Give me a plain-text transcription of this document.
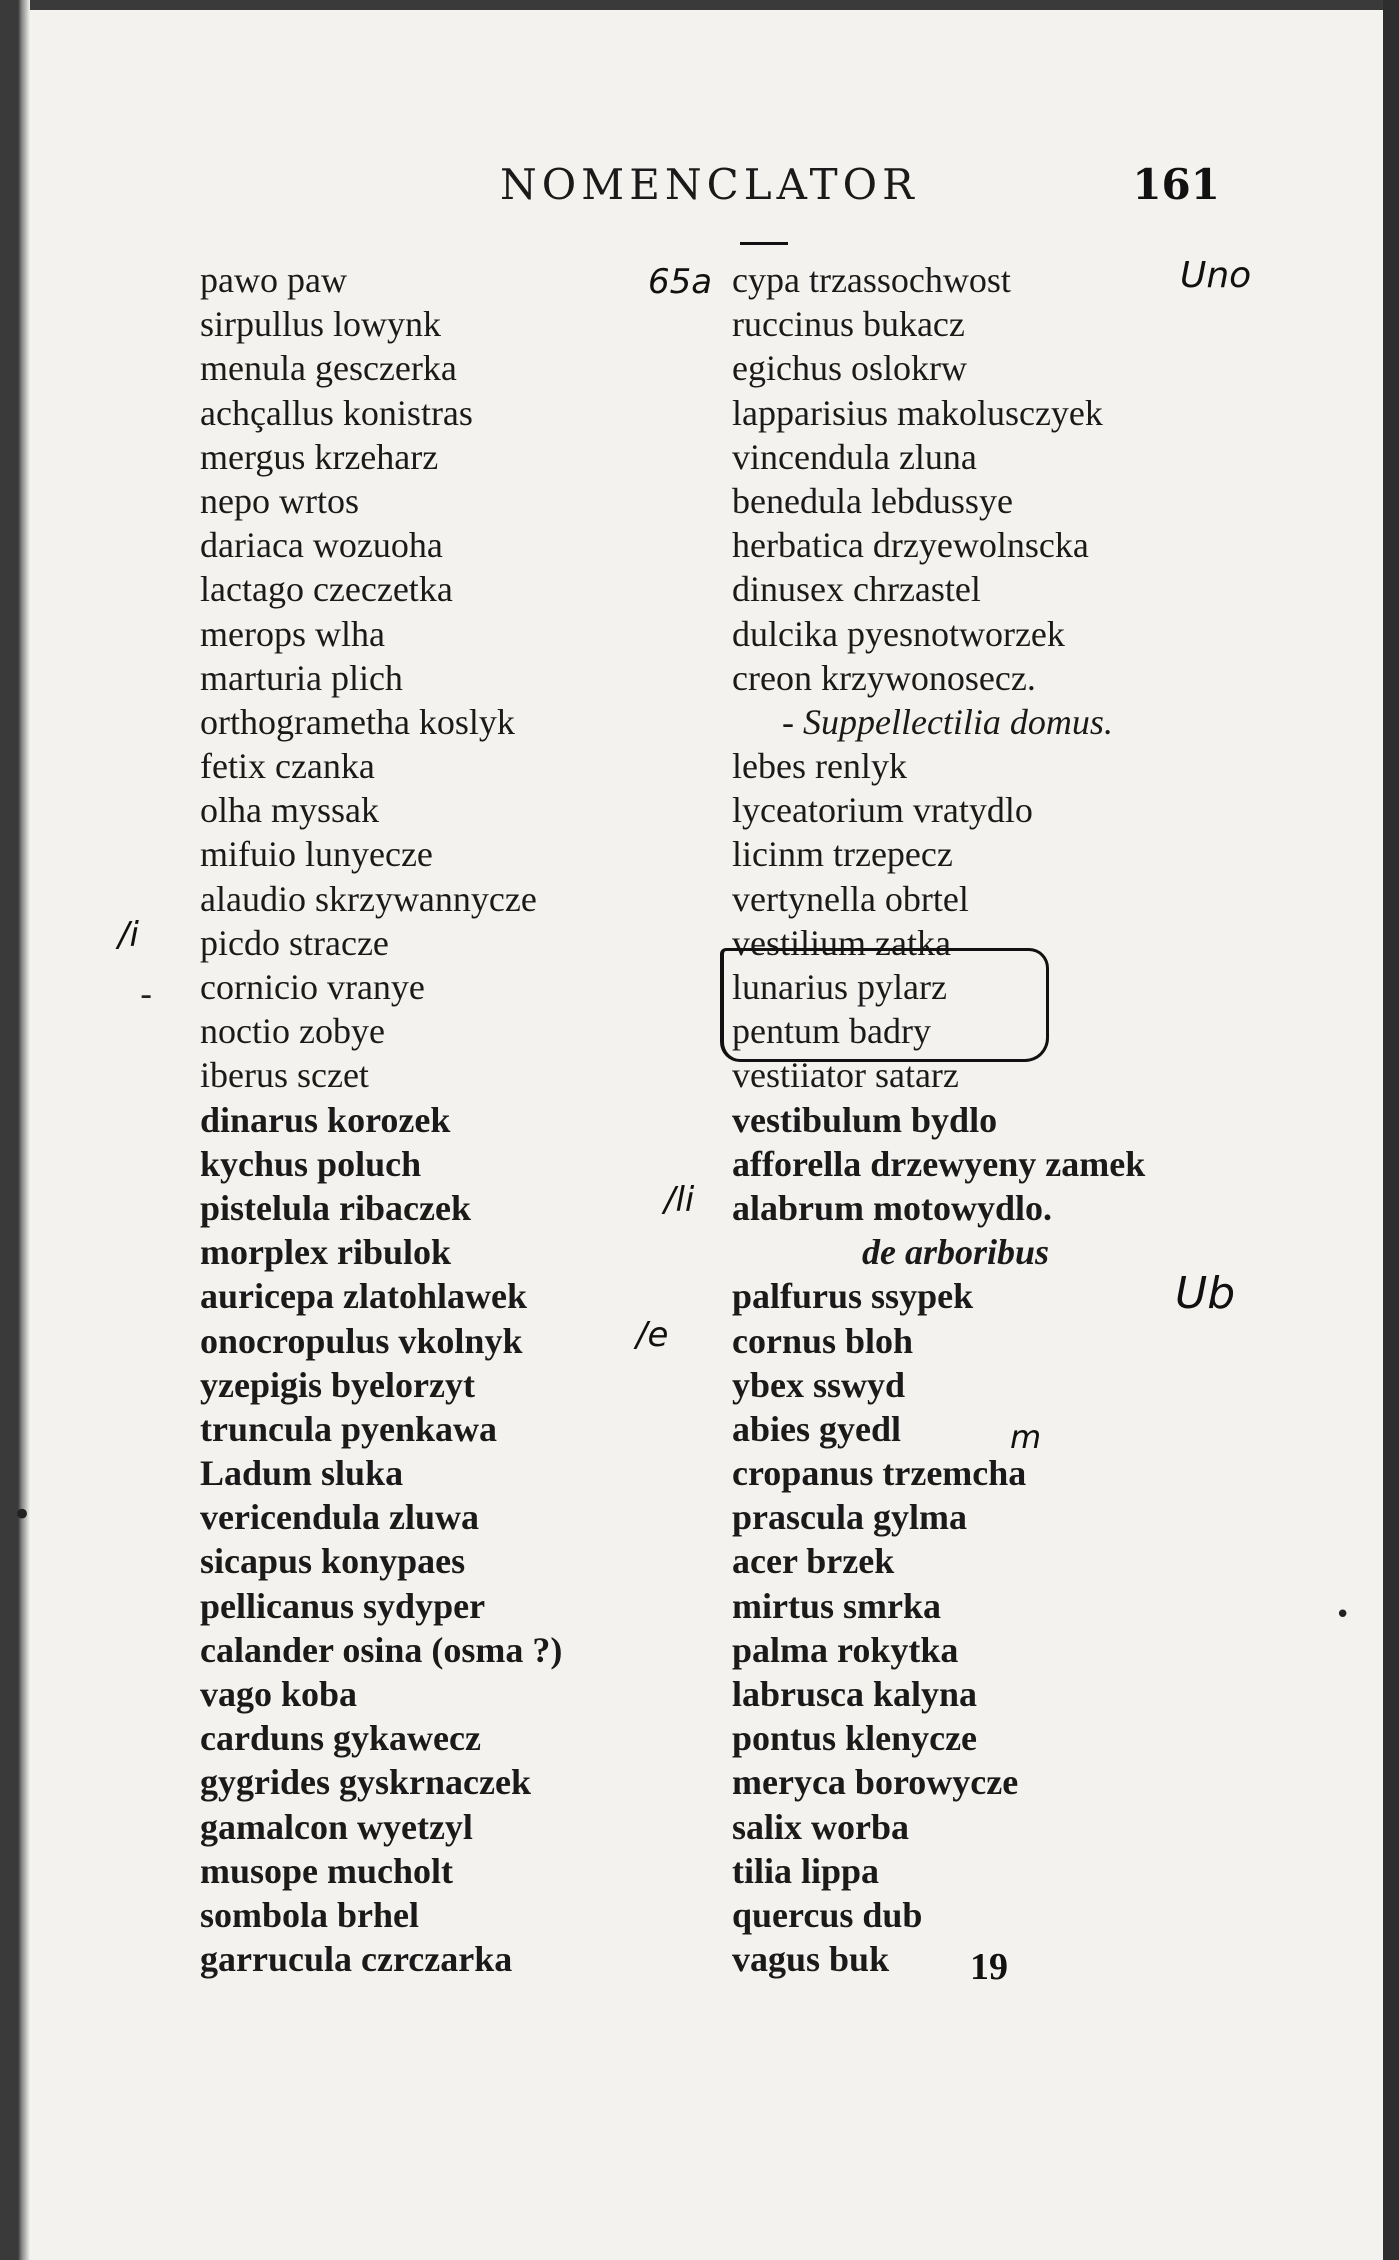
NOMENCLATOR	161
pawo paw
sirpullus lowynk
menula gesczerka
achçallus konistras
mergus krzeharz
nepo wrtos
dariaca wozuoha
lactago czeczetka
merops wlha
marturia plich
orthogrametha koslyk
fetix czanka
olha myssak
mifuio lunyecze
alaudio skrzywannycze
picdo stracze
cornicio vranye
noctio zobye
iberus sczet
dinarus korozek
kychus poluch
pistelula ribaczek
morplex ribulok
auricepa zlatohlawek
onocropulus vkolnyk
yzepigis byelorzyt
truncula pyenkawa
Ladum sluka
vericendula zluwa
sicapus konypaes
pellicanus sydyper
calander osina (osma ?)
vago koba
carduns gykawecz
gygrides gyskrnaczek
gamalcon wyetzyl
musope mucholt
sombola brhel
garrucula czrczarka
cypa trzassochwost
ruccinus bukacz
egichus oslokrw
lapparisius makolusczyek
vincendula zluna
benedula lebdussye
herbatica drzyewolnscka
dinusex chrzastel
dulcika pyesnotworzek
creon krzywonosecz.
- Suppellectilia domus.
lebes renlyk
lyceatorium vratydlo
licinm trzepecz
vertynella obrtel
vestilium zatka
lunarius pylarz
pentum badry
vestiiator satarz
vestibulum bydlo
afforella drzewyeny zamek
alabrum motowydlo.
de arboribus
palfurus ssypek
cornus bloh
ybex sswyd
abies gyedl
cropanus trzemcha
prascula gylma
acer brzek
mirtus smrka
palma rokytka
labrusca kalyna
pontus klenycze
meryca borowycze
salix worba
tilia lippa
quercus dub
vagus buk
65a	Uno
Ub
/i
/li
/e
m
-
•
•
19
